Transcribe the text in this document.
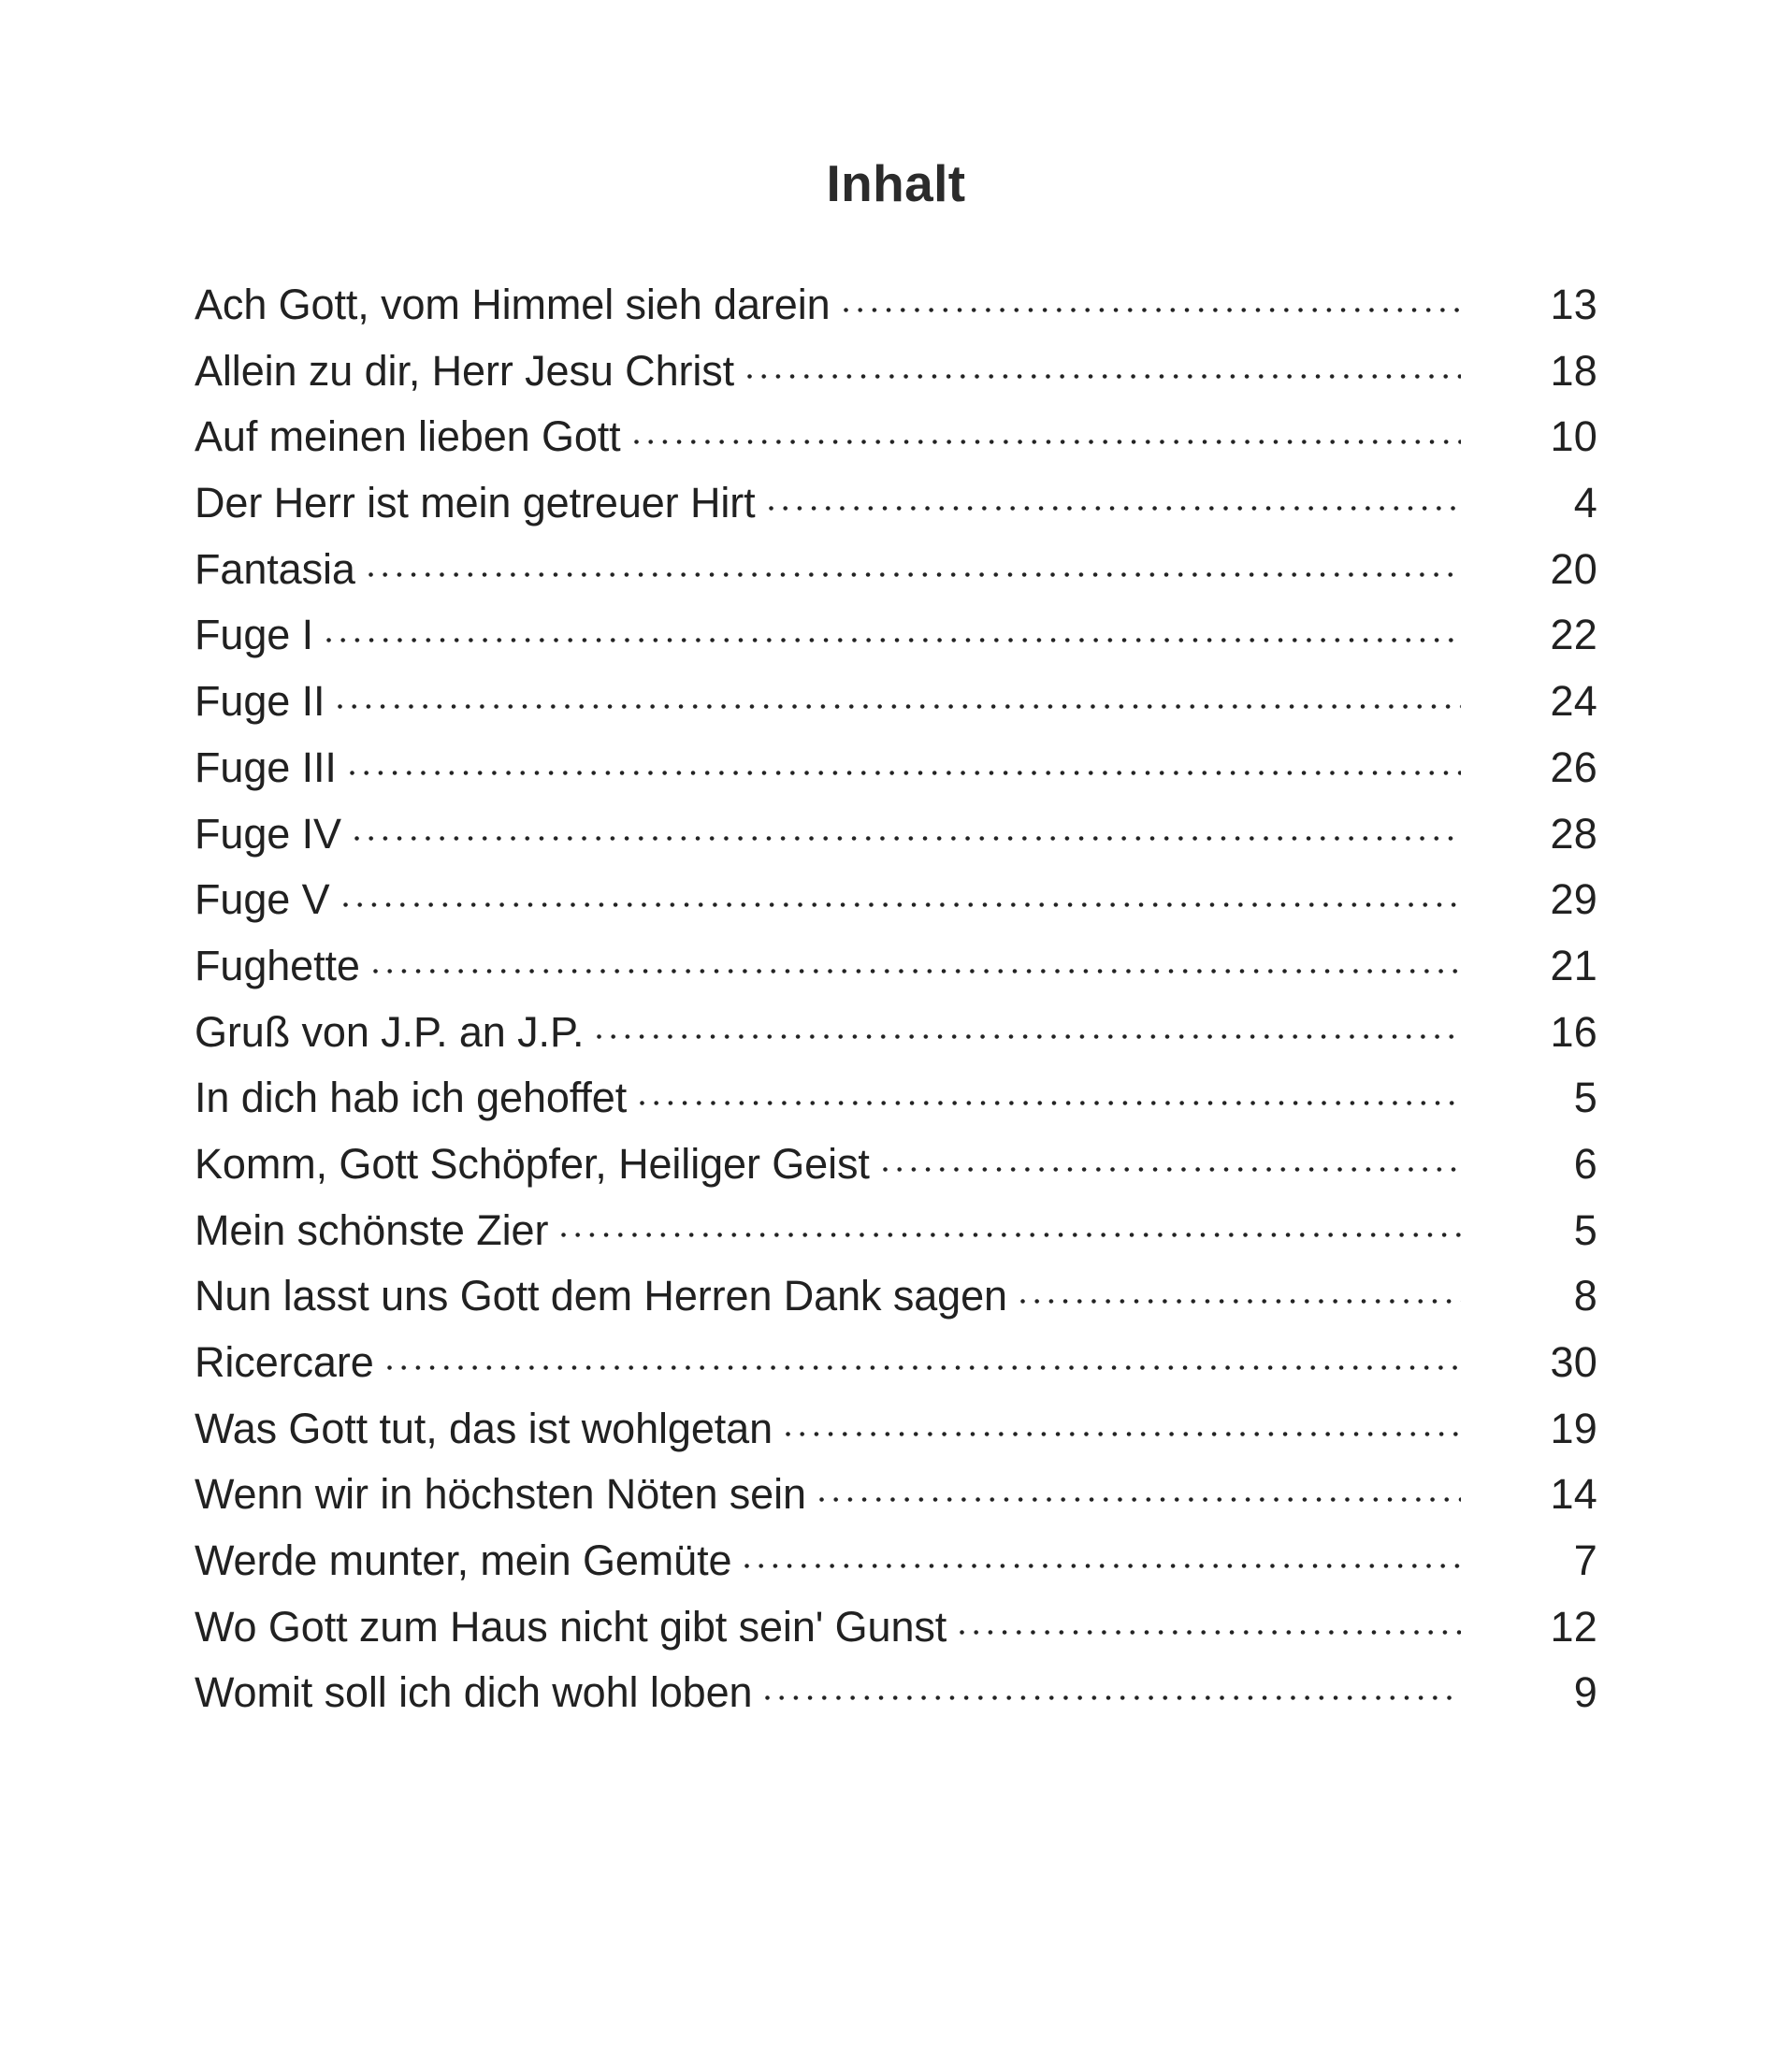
Inhalt
Ach Gott, vom Himmel sieh darein	13
Allein zu dir, Herr Jesu Christ	18
Auf meinen lieben Gott	10
Der Herr ist mein getreuer Hirt	4
Fantasia	20
Fuge I	22
Fuge II	24
Fuge III	26
Fuge IV	28
Fuge V	29
Fughette	21
Gruß von J.P. an J.P.	16
In dich hab ich gehoffet	5
Komm, Gott Schöpfer, Heiliger Geist	6
Mein schönste Zier	5
Nun lasst uns Gott dem Herren Dank sagen	8
Ricercare	30
Was Gott tut, das ist wohlgetan	19
Wenn wir in höchsten Nöten sein	14
Werde munter, mein Gemüte	7
Wo Gott zum Haus nicht gibt sein' Gunst	12
Womit soll ich dich wohl loben	9
